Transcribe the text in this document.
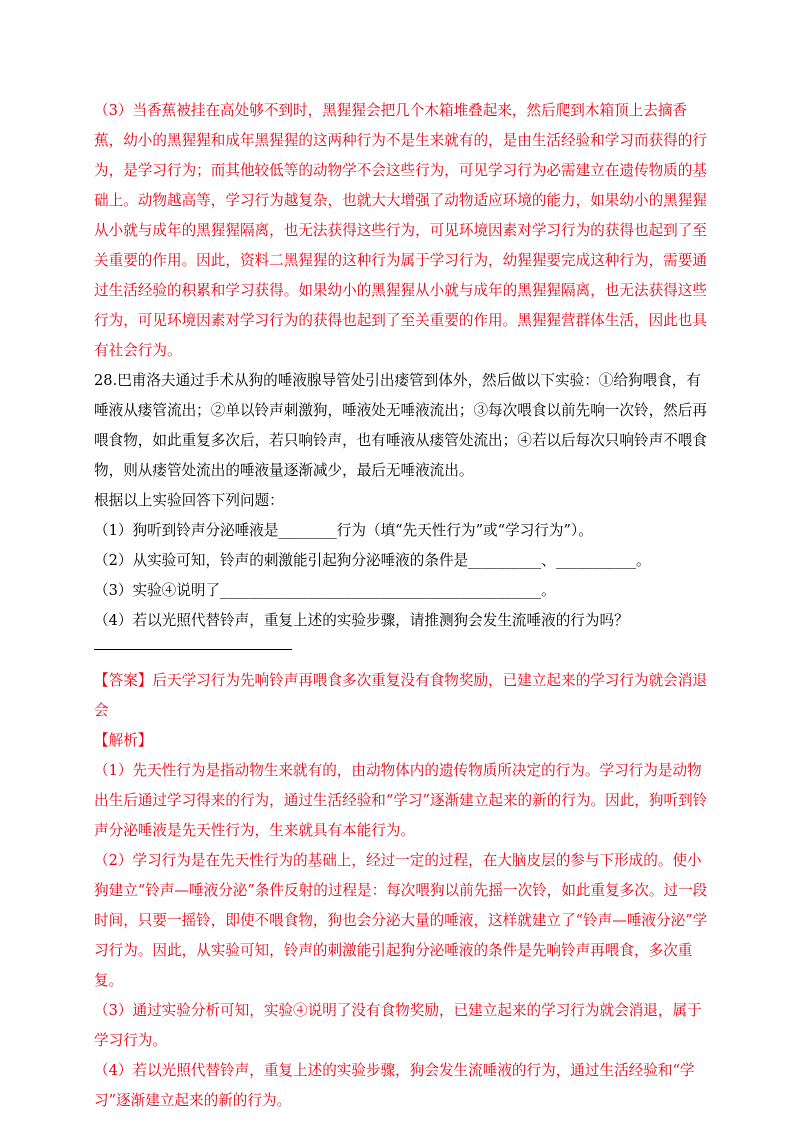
（3）当香蕉被挂在高处够不到时，黑猩猩会把几个木箱堆叠起来，然后爬到木箱顶上去摘香蕉，幼小的黑猩猩和成年黑猩猩的这两种行为不是生来就有的，是由生活经验和学习而获得的行为，是学习行为；而其他较低等的动物学不会这些行为，可见学习行为必需建立在遗传物质的基础上。动物越高等，学习行为越复杂，也就大大增强了动物适应环境的能力，如果幼小的黑猩猩从小就与成年的黑猩猩隔离，也无法获得这些行为，可见环境因素对学习行为的获得也起到了至关重要的作用。因此，资料二黑猩猩的这种行为属于学习行为，幼猩猩要完成这种行为，需要通过生活经验的积累和学习获得。如果幼小的黑猩猩从小就与成年的黑猩猩隔离，也无法获得这些行为，可见环境因素对学习行为的获得也起到了至关重要的作用。黑猩猩营群体生活，因此也具有社会行为。

28.巴甫洛夫通过手术从狗的唾液腺导管处引出瘘管到体外，然后做以下实验：①给狗喂食，有唾液从瘘管流出；②单以铃声刺激狗，唾液处无唾液流出；③每次喂食以前先响一次铃，然后再喂食物，如此重复多次后，若只响铃声，也有唾液从瘘管处流出；④若以后每次只响铃声不喂食物，则从瘘管处流出的唾液量逐渐减少，最后无唾液流出。

根据以上实验回答下列问题：

（1）狗听到铃声分泌唾液是________行为（填“先天性行为”或“学习行为”）。

（2）从实验可知，铃声的刺激能引起狗分泌唾液的条件是__________、___________。

（3）实验④说明了____________________________________________。

（4）若以光照代替铃声，重复上述的实验步骤，请推测狗会发生流唾液的行为吗？

【答案】后天学习行为先响铃声再喂食多次重复没有食物奖励，已建立起来的学习行为就会消退会

【解析】

（1）先天性行为是指动物生来就有的，由动物体内的遗传物质所决定的行为。学习行为是动物出生后通过学习得来的行为，通过生活经验和“学习”逐渐建立起来的新的行为。因此，狗听到铃声分泌唾液是先天性行为，生来就具有本能行为。

（2）学习行为是在先天性行为的基础上，经过一定的过程，在大脑皮层的参与下形成的。使小狗建立“铃声—唾液分泌”条件反射的过程是：每次喂狗以前先摇一次铃，如此重复多次。过一段时间，只要一摇铃，即使不喂食物，狗也会分泌大量的唾液，这样就建立了“铃声—唾液分泌”学习行为。因此，从实验可知，铃声的刺激能引起狗分泌唾液的条件是先响铃声再喂食，多次重复。

（3）通过实验分析可知，实验④说明了没有食物奖励，已建立起来的学习行为就会消退，属于学习行为。

（4）若以光照代替铃声，重复上述的实验步骤，狗会发生流唾液的行为，通过生活经验和“学习”逐渐建立起来的新的行为。
